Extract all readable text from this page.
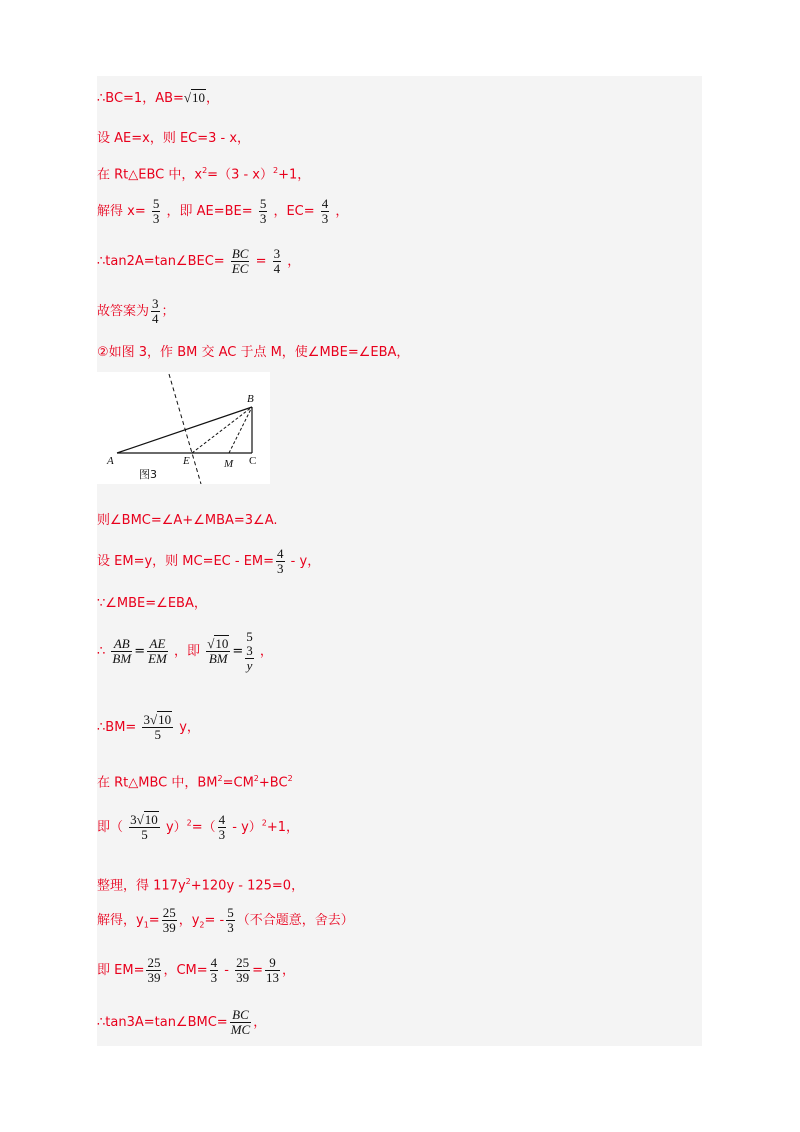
∴BC=1，AB=√10，
设 AE=x，则 EC=3 - x，
在 Rt△EBC 中，$x^2=(3 - x)^2+1$，
解得 $x= \frac{5}{3}$ ，即 $AE=BE= \frac{5}{3}$ ，$EC= \frac{4}{3}$ ，
∴tan2A=tan∠BEC= $\frac{BC}{EC} = \frac{3}{4}$ ，
故答案为 $\frac{3}{4}$ ；
②如图 3，作 BM 交 AC 于点 M，使∠MBE=∠EBA，
B
A	E	M C
图3
则∠BMC=∠A+∠MBA=3∠A.
设 EM=y，则 $MC=EC - EM= \frac{4}{3} - y$，
∵∠MBE=∠EBA，
∴ $\frac{AB}{BM} = \frac{AE}{EM}$ ，即 $\frac{√10}{BM}$ =
5
3
y
，
∴BM= $\frac{3√10}{5}$ y，
在 Rt△MBC 中，$BM^2=CM^2+BC^2$
即（ $\frac{3√10}{5} y)^2=( \frac{4}{3} - y)^2+1$，
整理，得 $117y^2+120y - 125=0$，
解得，$y_1= \frac{25}{39}$ ，$y_2= - \frac{5}{3}$ （不合题意，舍去）
即 $EM= \frac{25}{39}$ ，$CM= \frac{4}{3} - \frac{25}{39} = \frac{9}{13}$ ，
∴tan3A=tan∠BMC= $\frac{BC}{MC}$ ，
